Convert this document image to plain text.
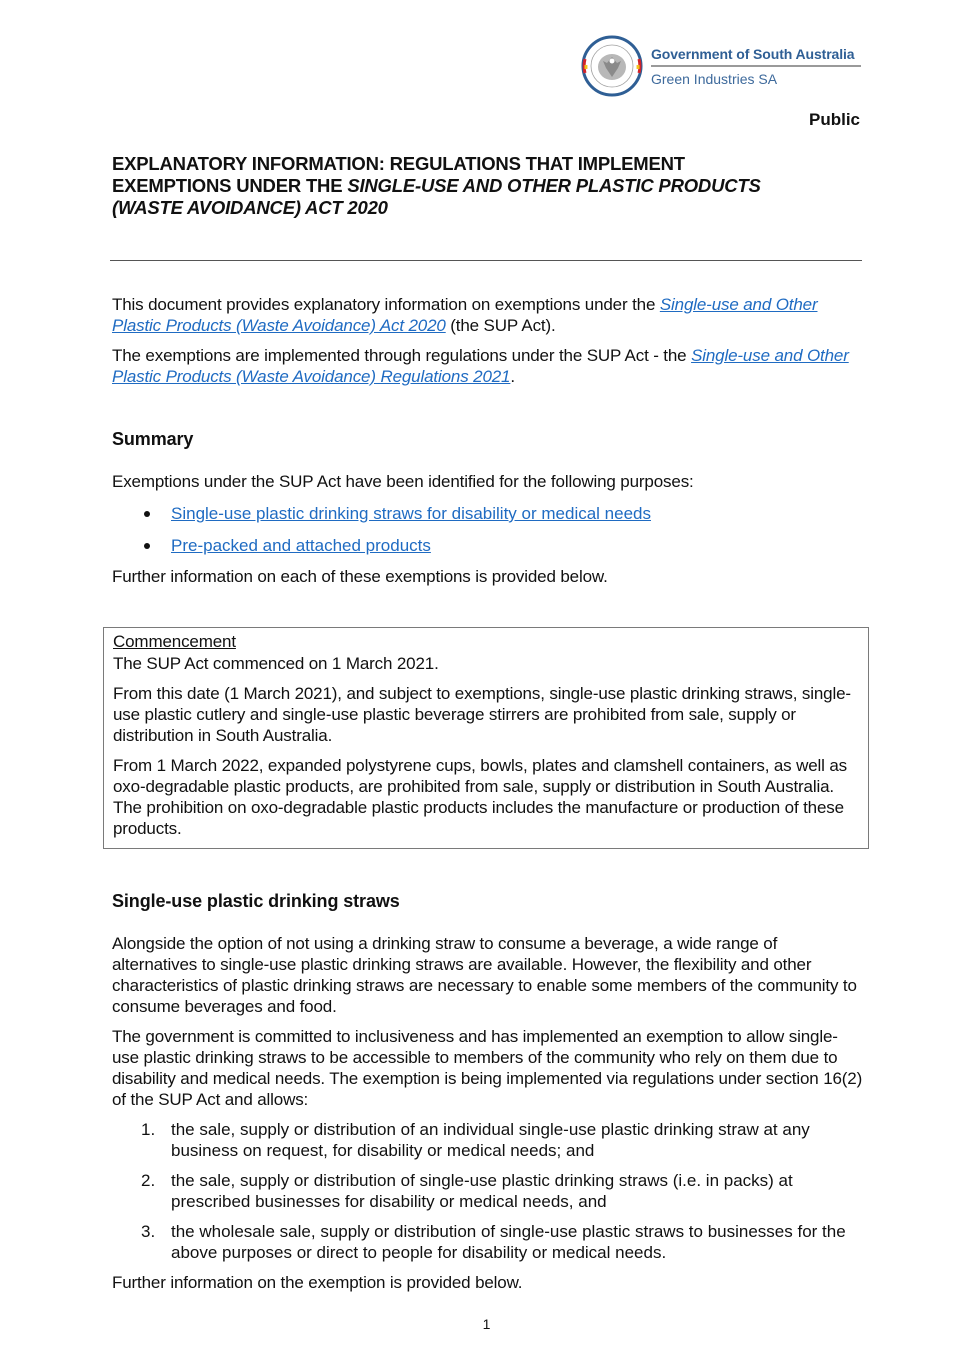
Government of South Australia
Green Industries SA
Public
EXPLANATORY INFORMATION: REGULATIONS THAT IMPLEMENT
EXEMPTIONS UNDER THE SINGLE-USE AND OTHER PLASTIC PRODUCTS
(WASTE AVOIDANCE) ACT 2020

This document provides explanatory information on exemptions under the Single-use and Other Plastic Products (Waste Avoidance) Act 2020 (the SUP Act).

The exemptions are implemented through regulations under the SUP Act - the Single-use and Other Plastic Products (Waste Avoidance) Regulations 2021.

Summary

Exemptions under the SUP Act have been identified for the following purposes:

Single-use plastic drinking straws for disability or medical needs
Pre-packed and attached products

Further information on each of these exemptions is provided below.

Commencement

The SUP Act commenced on 1 March 2021.

From this date (1 March 2021), and subject to exemptions, single-use plastic drinking straws, single-use plastic cutlery and single-use plastic beverage stirrers are prohibited from sale, supply or distribution in South Australia.

From 1 March 2022, expanded polystyrene cups, bowls, plates and clamshell containers, as well as oxo-degradable plastic products, are prohibited from sale, supply or distribution in South Australia. The prohibition on oxo-degradable plastic products includes the manufacture or production of these products.

Single-use plastic drinking straws

Alongside the option of not using a drinking straw to consume a beverage, a wide range of alternatives to single-use plastic drinking straws are available. However, the flexibility and other characteristics of plastic drinking straws are necessary to enable some members of the community to consume beverages and food.

The government is committed to inclusiveness and has implemented an exemption to allow single-use plastic drinking straws to be accessible to members of the community who rely on them due to disability and medical needs. The exemption is being implemented via regulations under section 16(2) of the SUP Act and allows:

1. the sale, supply or distribution of an individual single-use plastic drinking straw at any business on request, for disability or medical needs; and
2. the sale, supply or distribution of single-use plastic drinking straws (i.e. in packs) at prescribed businesses for disability or medical needs, and
3. the wholesale sale, supply or distribution of single-use plastic straws to businesses for the above purposes or direct to people for disability or medical needs.

Further information on the exemption is provided below.

1
